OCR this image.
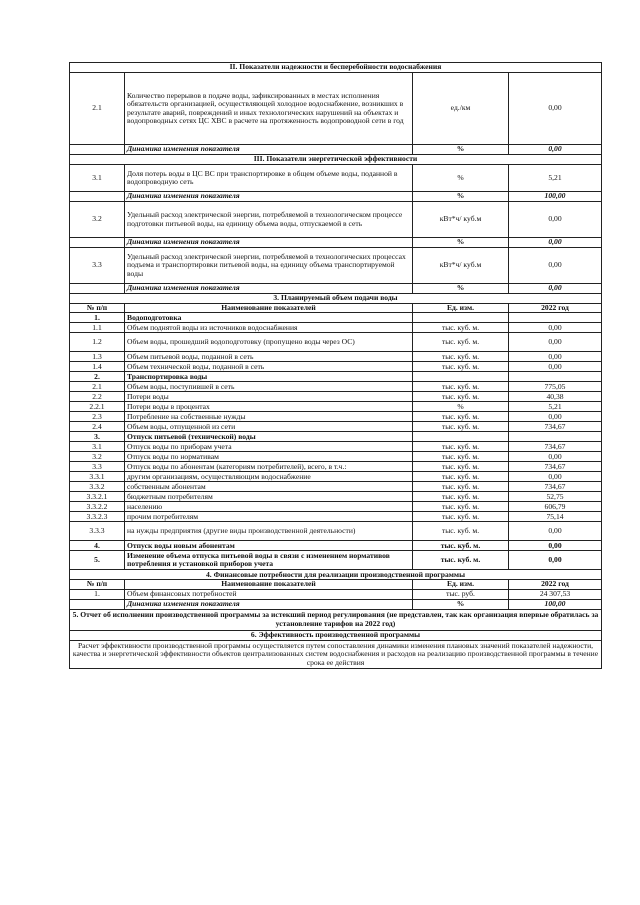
II. Показатели надежности и бесперебойности водоснабжения			
2.1	Количество перерывов в подаче воды, зафиксированных в местах исполнения обязательств организацией, осуществляющей холодное водоснабжение, возникших в результате аварий, повреждений и иных технологических нарушений на объектах и водопроводных сетях ЦС ХВС в расчете на протяженность водопроводной сети в год	ед./км	0,00
	Динамика изменения показателя	%	0,00
III. Показатели энергетической эффективности			
3.1	Доля потерь воды в ЦС ВС при транспортировке в общем объеме воды, поданной в водопроводную сеть	%	5,21
	Динамика изменения показателя	%	100,00
3.2	Удельный расход электрической энергии, потребляемой в технологическом процессе подготовки питьевой воды, на единицу объема воды, отпускаемой в сеть	кВт*ч/ куб.м	0,00
	Динамика изменения показателя	%	0,00
3.3	Удельный расход электрической энергии, потребляемой в технологических процессах подъема и транспортировки питьевой воды, на единицу объема транспортируемой воды	кВт*ч/ куб.м	0,00
	Динамика изменения показателя	%	0,00
3. Планируемый объем подачи воды			
№ п/п	Наименование показателей	Ед. изм.	2022 год
1.	Водоподготовка		
1.1	Объем поднятой воды из источников водоснабжения	тыс. куб. м.	0,00
1.2	Объем воды, прошедший водоподготовку (пропущено воды через ОС)	тыс. куб. м.	0,00
1.3	Объем питьевой воды, поданной в сеть	тыс. куб. м.	0,00
1.4	Объем технической воды, поданной в сеть	тыс. куб. м.	0,00
2.	Транспортировка воды		
2.1	Объем воды, поступившей в сеть	тыс. куб. м.	775,05
2.2	Потери воды	тыс. куб. м.	40,38
2.2.1	Потери воды в процентах	%	5,21
2.3	Потребление на собственные нужды	тыс. куб. м.	0,00
2.4	Объем воды, отпущенной из сети	тыс. куб. м.	734,67
3.	Отпуск питьевой (технической) воды		
3.1	Отпуск воды по приборам учета	тыс. куб. м.	734,67
3.2	Отпуск воды по нормативам	тыс. куб. м.	0,00
3.3	Отпуск воды по абонентам (категориям потребителей), всего, в т.ч.:	тыс. куб. м.	734,67
3.3.1	другим организациям, осуществляющим водоснабжение	тыс. куб. м.	0,00
3.3.2	собственным абонентам	тыс. куб. м.	734,67
3.3.2.1	бюджетным потребителям	тыс. куб. м.	52,75
3.3.2.2	населению	тыс. куб. м.	606,79
3.3.2.3	прочим потребителям	тыс. куб. м.	75,14
3.3.3	на нужды предприятия (другие виды производственной деятельности)	тыс. куб. м.	0,00
4.	Отпуск воды новым абонентам	тыс. куб. м.	0,00
5.	Изменение объема отпуска питьевой воды в связи с изменением нормативов потребления и установкой приборов учета	тыс. куб. м.	0,00
4. Финансовые потребности для реализации производственной программы			
№ п/п	Наименование показателей	Ед. изм.	2022 год
1.	Объем финансовых потребностей	тыс. руб.	24 307,53
	Динамика изменения показателя	%	100,00
5. Отчет об исполнении производственной программы за истекший период регулирования (не представлен, так как организация впервые обратилась за установление тарифов на 2022 год)			
6. Эффективность производственной программы			
Расчет эффективности производственной программы осуществляется путем сопоставления динамики изменения плановых значений показателей надежности, качества и энергетической эффективности объектов централизованных систем водоснабжения и расходов на реализацию производственной программы в течение срока ее действия			
